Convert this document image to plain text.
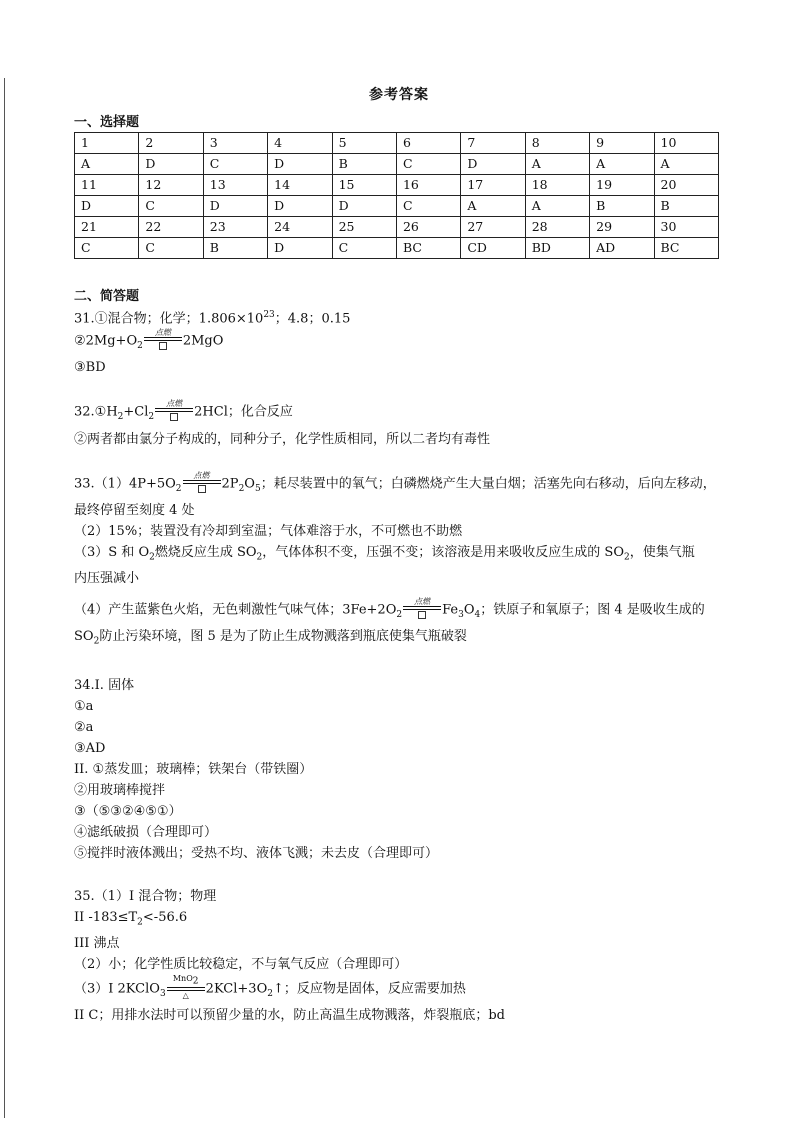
参考答案

一、选择题

1	2	3	4	5	6	7	8	9	10
A	D	C	D	B	C	D	A	A	A
11	12	13	14	15	16	17	18	19	20
D	C	D	D	D	C	A	A	B	B
21	22	23	24	25	26	27	28	29	30
C	C	B	D	C	BC	CD	BD	AD	BC

二、简答题

31.①混合物；化学；$1.806\times 10^{23}$；4.8；0.15

$②2Mg+O_2$
点燃
2MgO

③BD

$32.①H_2+Cl_2$
点燃
2HCl；化合反应

②两者都由氯分子构成的，同种分子，化学性质相同，所以二者均有毒性

$33.(1)4P+5O_2$
点燃
$2P_2O_5$；耗尽装置中的氧气；白磷燃烧产生大量白烟；活塞先向右移动，后向左移动，

最终停留至刻度 4 处

（2）15%；装置没有冷却到室温；气体难溶于水，不可燃也不助燃

（3）S 和 $O_2$燃烧反应生成 $SO_2$，气体体积不变，压强不变；该溶液是用来吸收反应生成的 $SO_2$，使集气瓶

内压强减小

（4）产生蓝紫色火焰，无色刺激性气味气体；$3Fe+2O_2$
点燃
$Fe_3O_4$；铁原子和氧原子；图 4 是吸收生成的

$SO_2$防止污染环境，图 5 是为了防止生成物溅落到瓶底使集气瓶破裂

34.I. 固体

①a

②a

③AD

II. ①蒸发皿；玻璃棒；铁架台（带铁圈）

②用玻璃棒搅拌

③（⑤③②④⑤①）

④滤纸破损（合理即可）

⑤搅拌时液体溅出；受热不均、液体飞溅；未去皮（合理即可）

35.（1）I 混合物；物理

II $-183\le T_2<-56.6$

III 沸点

（2）小；化学性质比较稳定，不与氧气反应（合理即可）

（3）I 2KClO$_3$
MnO$_2$
△ $2KCl+3O_2↑$；反应物是固体，反应需要加热

II C；用排水法时可以预留少量的水，防止高温生成物溅落，炸裂瓶底；bd
